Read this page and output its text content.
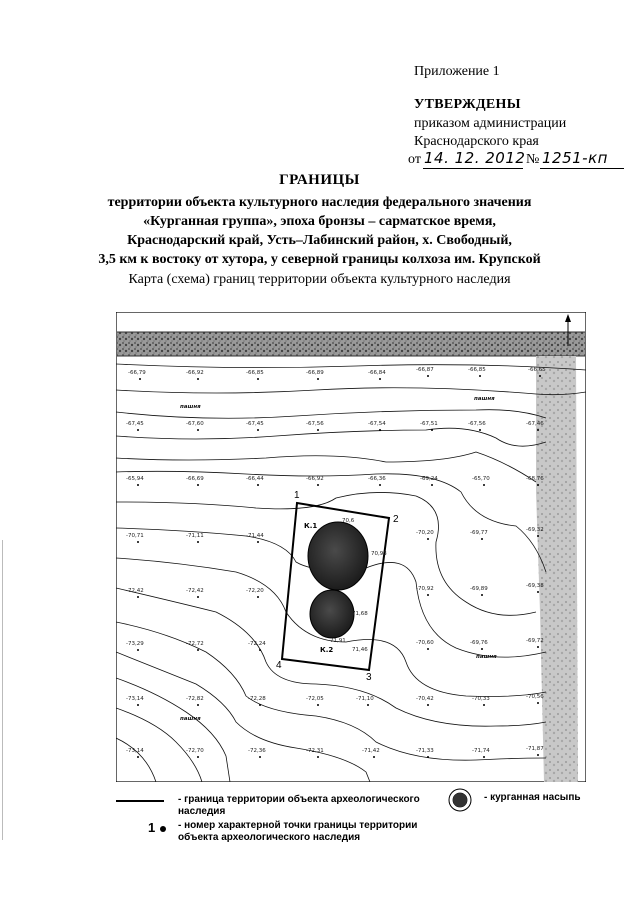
Приложение 1
УТВЕРЖДЕНЫ
приказом администрации
Краснодарского края
от 14. 12. 2012 № 1251-кп
ГРАНИЦЫ
территории объекта культурного наследия федерального значения
«Курганная группа», эпоха бронзы – сарматское время,
Краснодарский край, Усть–Лабинский район, х. Свободный,
3,5 км к востоку от хутора, у северной границы колхоза им. Крупской
Карта (схема) границ территории объекта культурного наследия
-66,79	-66,92	-66,85	-66,89	-66,84	-66,87	-66,85	-66,65
-67,45	-67,60	-67,45	-67,56	-67,54	-67,51	-67,56	-67,46
-65,94	-66,69	-66,44	-66,92	-66,36	-69,24	-65,70	-68,76
-70,71	-71,11	-71,44	-70,20	-69,77	-69,32
-72,42	-72,42	-72,20	-70,92	-69,89	-69,38
-73,29	-72,72	-72,24	-70,60	-69,76	-69,72
-73,14	-72,82	-72,28	-72,05	-71,10	-70,42	-70,33	-70,56
-73,14	-72,70	-72,36	-72,31	-71,42	-71,33	-71,74	-71,87
пашня
пашня
пашня
пашня
К.1
К.2
70,6
70,93
71,68
71,91
71,46
1
2
3
4
- граница территории объекта археологического наследия
- курганная насыпь
1 - номер характерной точки границы территории объекта археологического наследия
